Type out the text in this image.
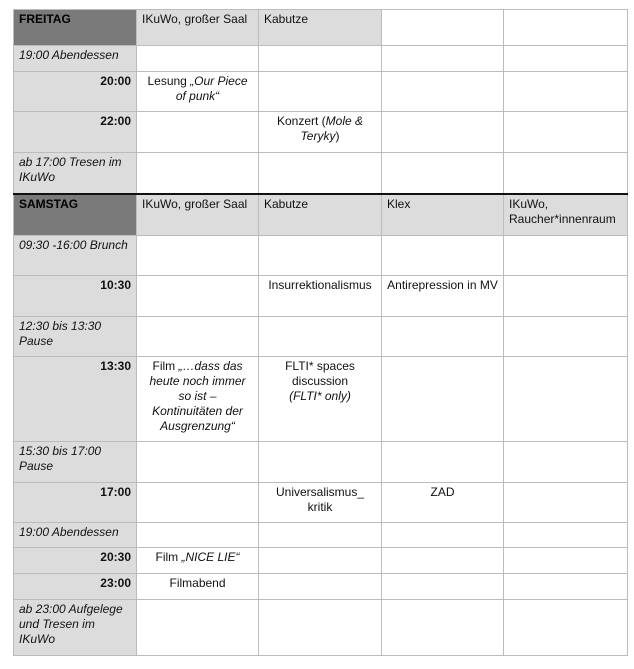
FREITAG	IKuWo, großer Saal	Kabutze		
19:00 Abendessen				
20:00	Lesung „Our Piece of punk“			
22:00		Konzert (Mole & Teryky)		
ab 17:00 Tresen im IKuWo				
SAMSTAG	IKuWo, großer Saal	Kabutze	Klex	IKuWo, Raucher*innenraum
09:30 -16:00 Brunch				
10:30		Insurrektionalismus	Antirepression in MV	
12:30 bis 13:30 Pause				
13:30	Film „…dass das heute noch immer so ist – Kontinuitäten der Ausgrenzung“	FLTI* spaces discussion
(FLTI* only)		
15:30 bis 17:00 Pause				
17:00		Universalismus_ kritik	ZAD	
19:00 Abendessen				
20:30	Film „NICE LIE“			
23:00	Filmabend			
ab 23:00 Aufgelege und Tresen im IKuWo				
